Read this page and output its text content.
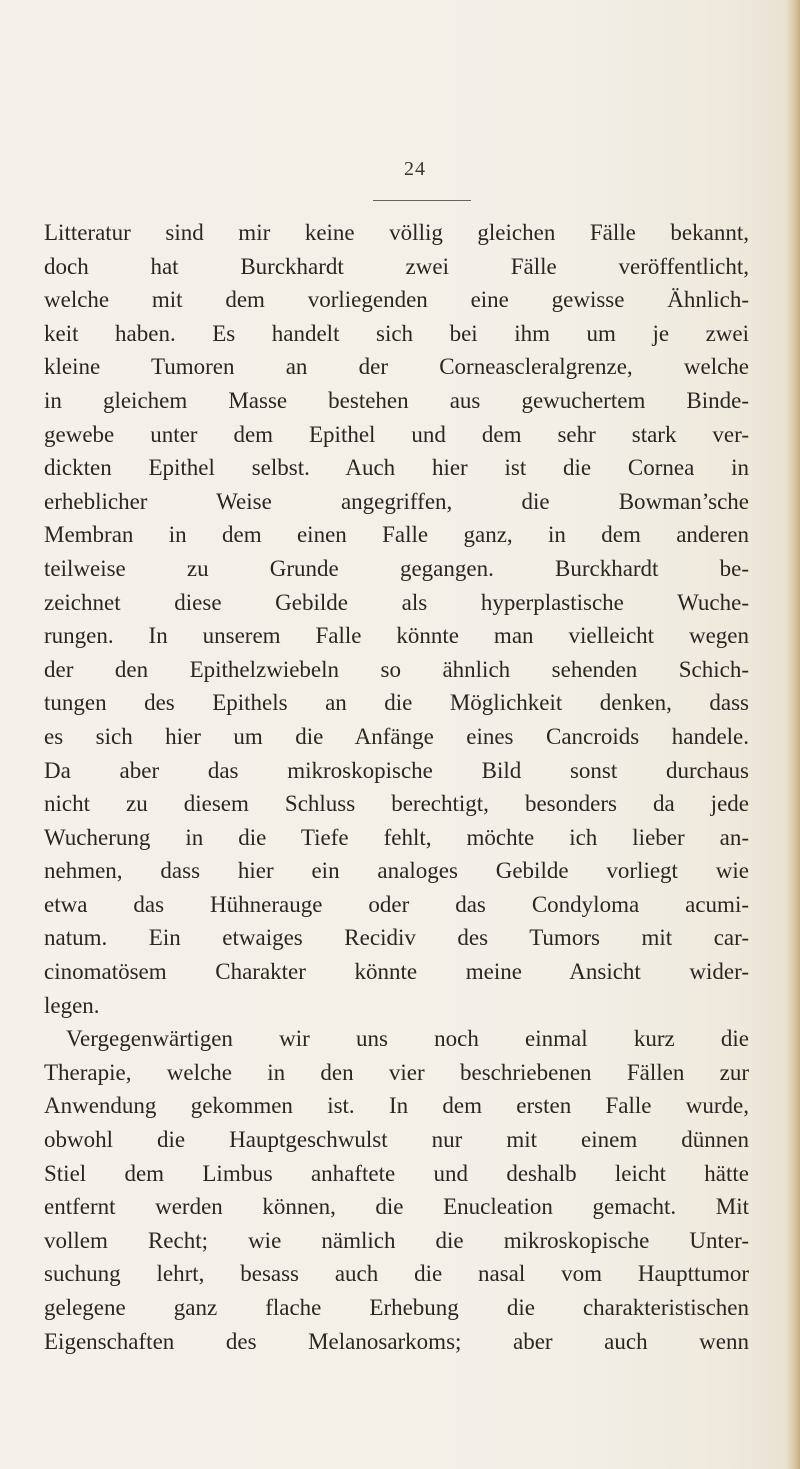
24
Litteratur sind mir keine völlig gleichen Fälle bekannt,
doch hat Burckhardt zwei Fälle veröffentlicht,
welche mit dem vorliegenden eine gewisse Ähnlich-
keit haben. Es handelt sich bei ihm um je zwei
kleine Tumoren an der Corneascleralgrenze, welche
in gleichem Masse bestehen aus gewuchertem Binde-
gewebe unter dem Epithel und dem sehr stark ver-
dickten Epithel selbst. Auch hier ist die Cornea in
erheblicher Weise angegriffen, die Bowman’sche
Membran in dem einen Falle ganz, in dem anderen
teilweise zu Grunde gegangen. Burckhardt be-
zeichnet diese Gebilde als hyperplastische Wuche-
rungen. In unserem Falle könnte man vielleicht wegen
der den Epithelzwiebeln so ähnlich sehenden Schich-
tungen des Epithels an die Möglichkeit denken, dass
es sich hier um die Anfänge eines Cancroids handele.
Da aber das mikroskopische Bild sonst durchaus
nicht zu diesem Schluss berechtigt, besonders da jede
Wucherung in die Tiefe fehlt, möchte ich lieber an-
nehmen, dass hier ein analoges Gebilde vorliegt wie
etwa das Hühnerauge oder das Condyloma acumi-
natum. Ein etwaiges Recidiv des Tumors mit car-
cinomatösem Charakter könnte meine Ansicht wider-
legen.
Vergegenwärtigen wir uns noch einmal kurz die
Therapie, welche in den vier beschriebenen Fällen zur
Anwendung gekommen ist. In dem ersten Falle wurde,
obwohl die Hauptgeschwulst nur mit einem dünnen
Stiel dem Limbus anhaftete und deshalb leicht hätte
entfernt werden können, die Enucleation gemacht. Mit
vollem Recht; wie nämlich die mikroskopische Unter-
suchung lehrt, besass auch die nasal vom Haupttumor
gelegene ganz flache Erhebung die charakteristischen
Eigenschaften des Melanosarkoms; aber auch wenn
